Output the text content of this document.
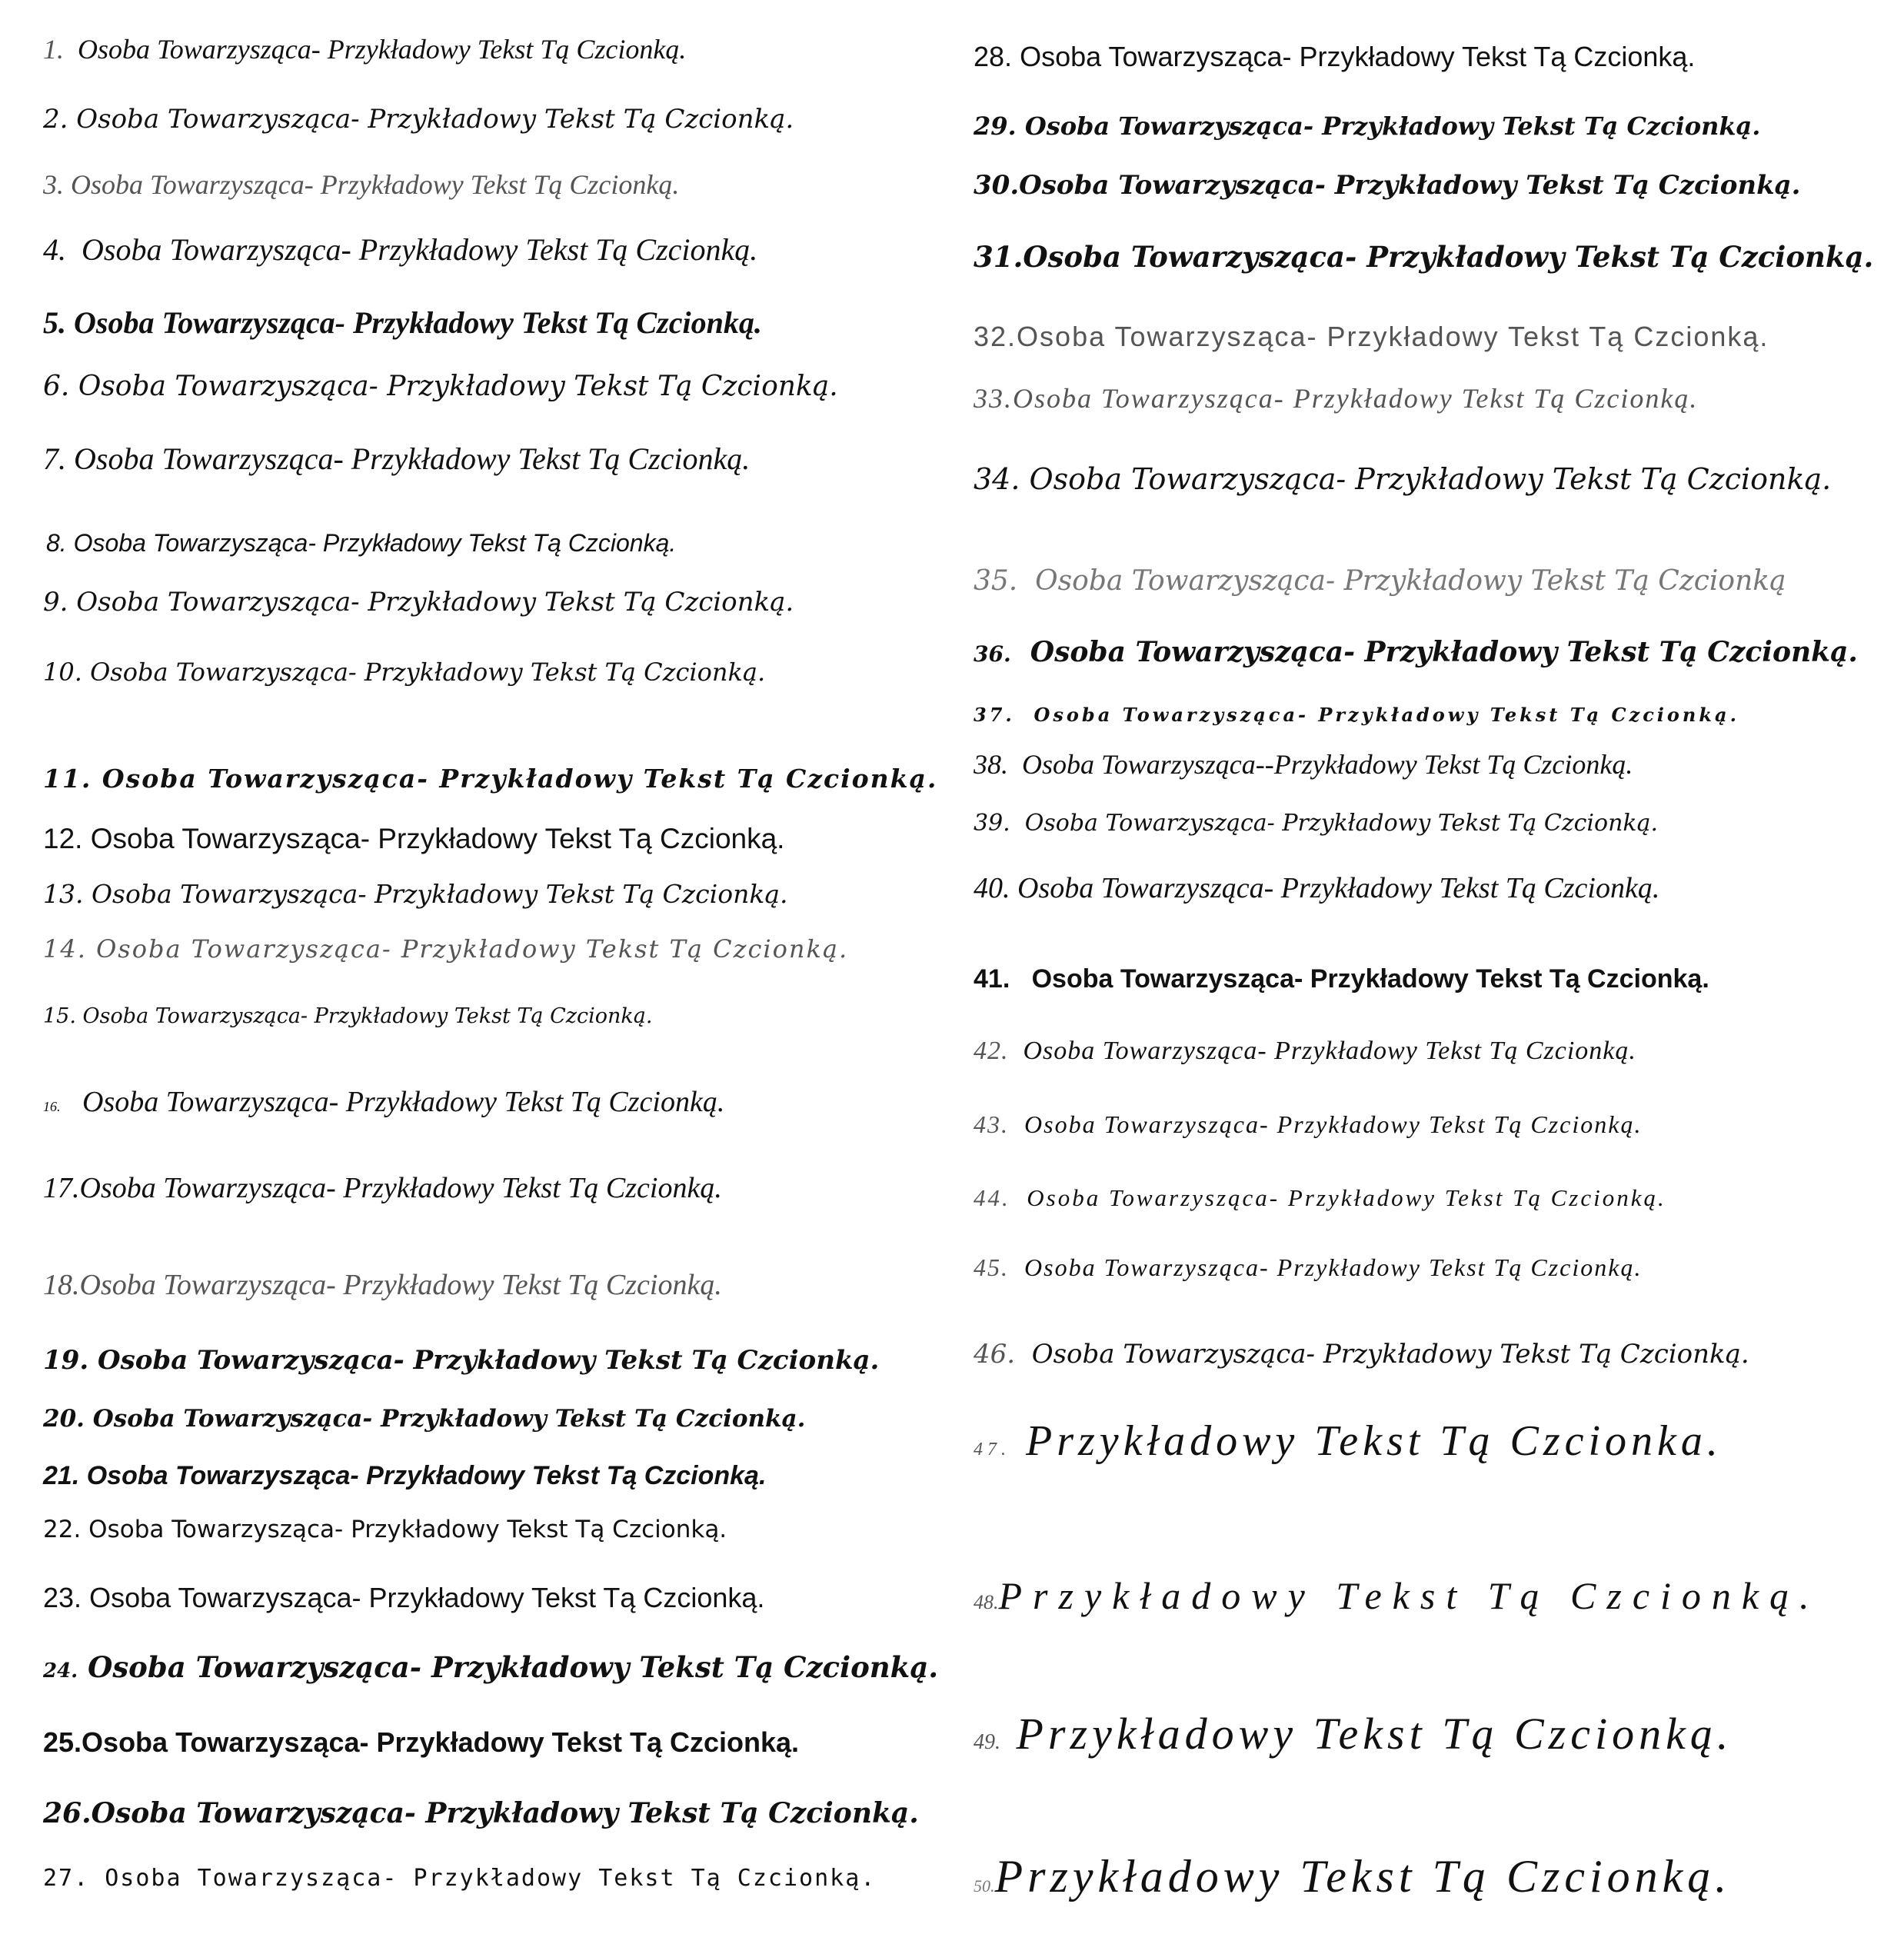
1. Osoba Towarzysząca- Przykładowy Tekst Tą Czcionką.
2. Osoba Towarzysząca- Przykładowy Tekst Tą Czcionką.
3. Osoba Towarzysząca- Przykładowy Tekst Tą Czcionką.
4. Osoba Towarzysząca- Przykładowy Tekst Tą Czcionką.
5. Osoba Towarzysząca- Przykładowy Tekst Tą Czcionką.
6. Osoba Towarzysząca- Przykładowy Tekst Tą Czcionką.
7. Osoba Towarzysząca- Przykładowy Tekst Tą Czcionką.
8. Osoba Towarzysząca- Przykładowy Tekst Tą Czcionką.
9. Osoba Towarzysząca- Przykładowy Tekst Tą Czcionką.
10. Osoba Towarzysząca- Przykładowy Tekst Tą Czcionką.
11. Osoba Towarzysząca- Przykładowy Tekst Tą Czcionką.
12. Osoba Towarzysząca- Przykładowy Tekst Tą Czcionką.
13. Osoba Towarzysząca- Przykładowy Tekst Tą Czcionką.
14. Osoba Towarzysząca- Przykładowy Tekst Tą Czcionką.
15. Osoba Towarzysząca- Przykładowy Tekst Tą Czcionką.
16. Osoba Towarzysząca- Przykładowy Tekst Tą Czcionką.
17.Osoba Towarzysząca- Przykładowy Tekst Tą Czcionką.
18.Osoba Towarzysząca- Przykładowy Tekst Tą Czcionką.
19. Osoba Towarzysząca- Przykładowy Tekst Tą Czcionką.
20. Osoba Towarzysząca- Przykładowy Tekst Tą Czcionką.
21. Osoba Towarzysząca- Przykładowy Tekst Tą Czcionką.
22. Osoba Towarzysząca- Przykładowy Tekst Tą Czcionką.
23. Osoba Towarzysząca- Przykładowy Tekst Tą Czcionką.
24. Osoba Towarzysząca- Przykładowy Tekst Tą Czcionką.
25.Osoba Towarzysząca- Przykładowy Tekst Tą Czcionką.
26.Osoba Towarzysząca- Przykładowy Tekst Tą Czcionką.
27. Osoba Towarzysząca- Przykładowy Tekst Tą Czcionką.
28. Osoba Towarzysząca- Przykładowy Tekst Tą Czcionką.
29. Osoba Towarzysząca- Przykładowy Tekst Tą Czcionką.
30.Osoba Towarzysząca- Przykładowy Tekst Tą Czcionką.
31.Osoba Towarzysząca- Przykładowy Tekst Tą Czcionką.
32.Osoba Towarzysząca- Przykładowy Tekst Tą Czcionką.
33.Osoba Towarzysząca- Przykładowy Tekst Tą Czcionką.
34. Osoba Towarzysząca- Przykładowy Tekst Tą Czcionką.
35. Osoba Towarzysząca- Przykładowy Tekst Tą Czcionką
36. Osoba Towarzysząca- Przykładowy Tekst Tą Czcionką.
37. Osoba Towarzysząca- Przykładowy Tekst Tą Czcionką.
38. Osoba Towarzysząca--Przykładowy Tekst Tą Czcionką.
39. Osoba Towarzysząca- Przykładowy Tekst Tą Czcionką.
40. Osoba Towarzysząca- Przykładowy Tekst Tą Czcionką.
41. Osoba Towarzysząca- Przykładowy Tekst Tą Czcionką.
42. Osoba Towarzysząca- Przykładowy Tekst Tą Czcionką.
43. Osoba Towarzysząca- Przykładowy Tekst Tą Czcionką.
44. Osoba Towarzysząca- Przykładowy Tekst Tą Czcionką.
45. Osoba Towarzysząca- Przykładowy Tekst Tą Czcionką.
46. Osoba Towarzysząca- Przykładowy Tekst Tą Czcionką.
47. Przykładowy Tekst Tą Czcionka.
48.Przykładowy Tekst Tą Czcionką.
49. Przykładowy Tekst Tą Czcionką.
50.Przykładowy Tekst Tą Czcionką.
